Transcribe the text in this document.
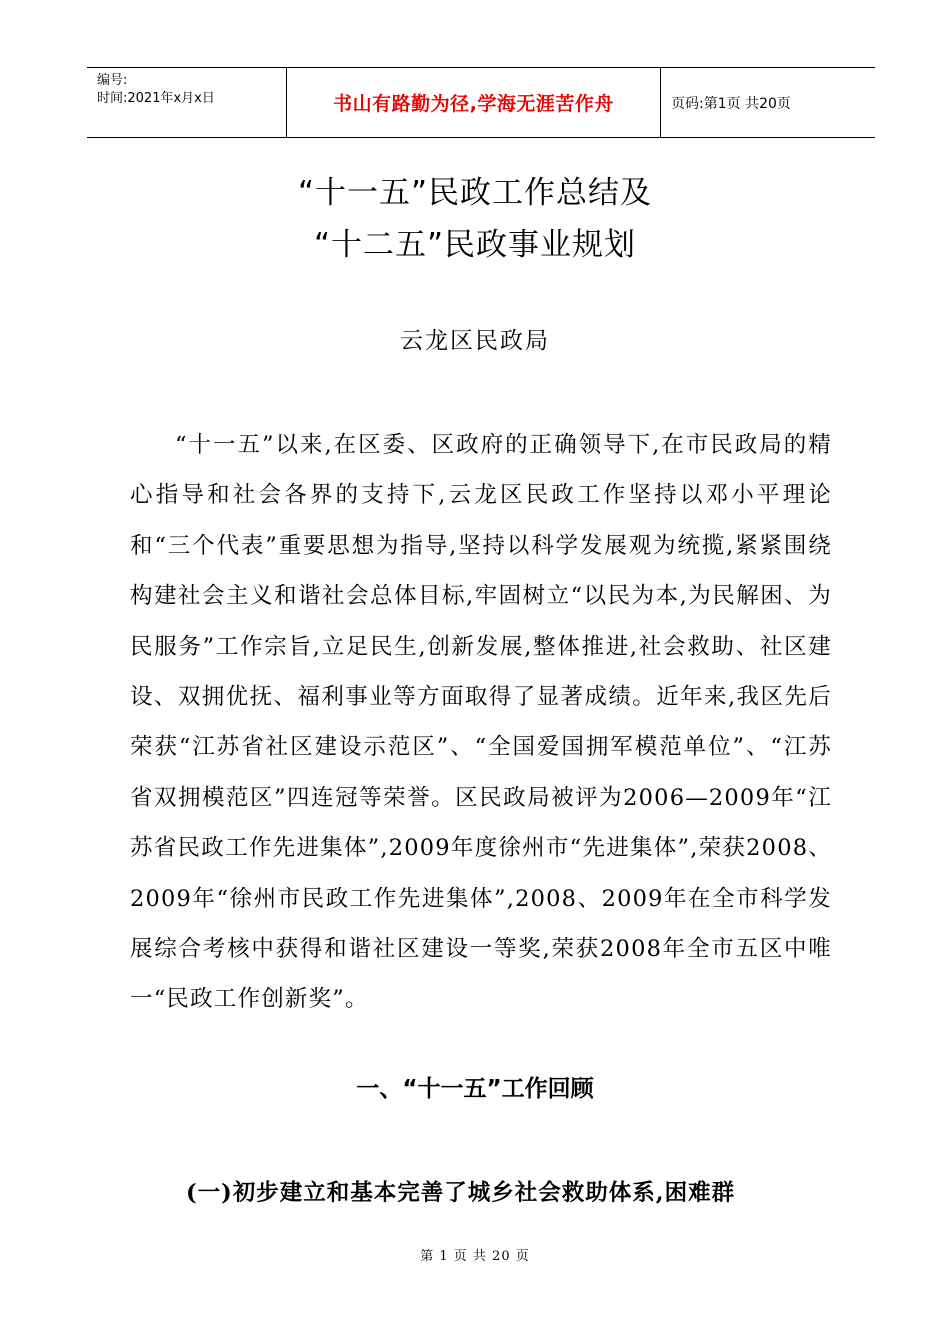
编号:
时间:2021年x月x日	书山有路勤为径,学海无涯苦作舟	页码:第1页 共20页
“十一五”民政工作总结及
“十二五”民政事业规划
云龙区民政局
“十一五”以来,在区委、区政府的正确领导下,在市民政局的精心指导和社会各界的支持下,云龙区民政工作坚持以邓小平理论和“三个代表”重要思想为指导,坚持以科学发展观为统揽,紧紧围绕构建社会主义和谐社会总体目标,牢固树立“以民为本,为民解困、为民服务”工作宗旨,立足民生,创新发展,整体推进,社会救助、社区建设、双拥优抚、福利事业等方面取得了显著成绩。近年来,我区先后荣获“江苏省社区建设示范区”、“全国爱国拥军模范单位”、“江苏省双拥模范区”四连冠等荣誉。区民政局被评为2006—2009年“江苏省民政工作先进集体”,2009年度徐州市“先进集体”,荣获2008、2009年“徐州市民政工作先进集体”,2008、2009年在全市科学发展综合考核中获得和谐社区建设一等奖,荣获2008年全市五区中唯一“民政工作创新奖”。
一、“十一五”工作回顾
(一)初步建立和基本完善了城乡社会救助体系,困难群
第 1 页 共 20 页
